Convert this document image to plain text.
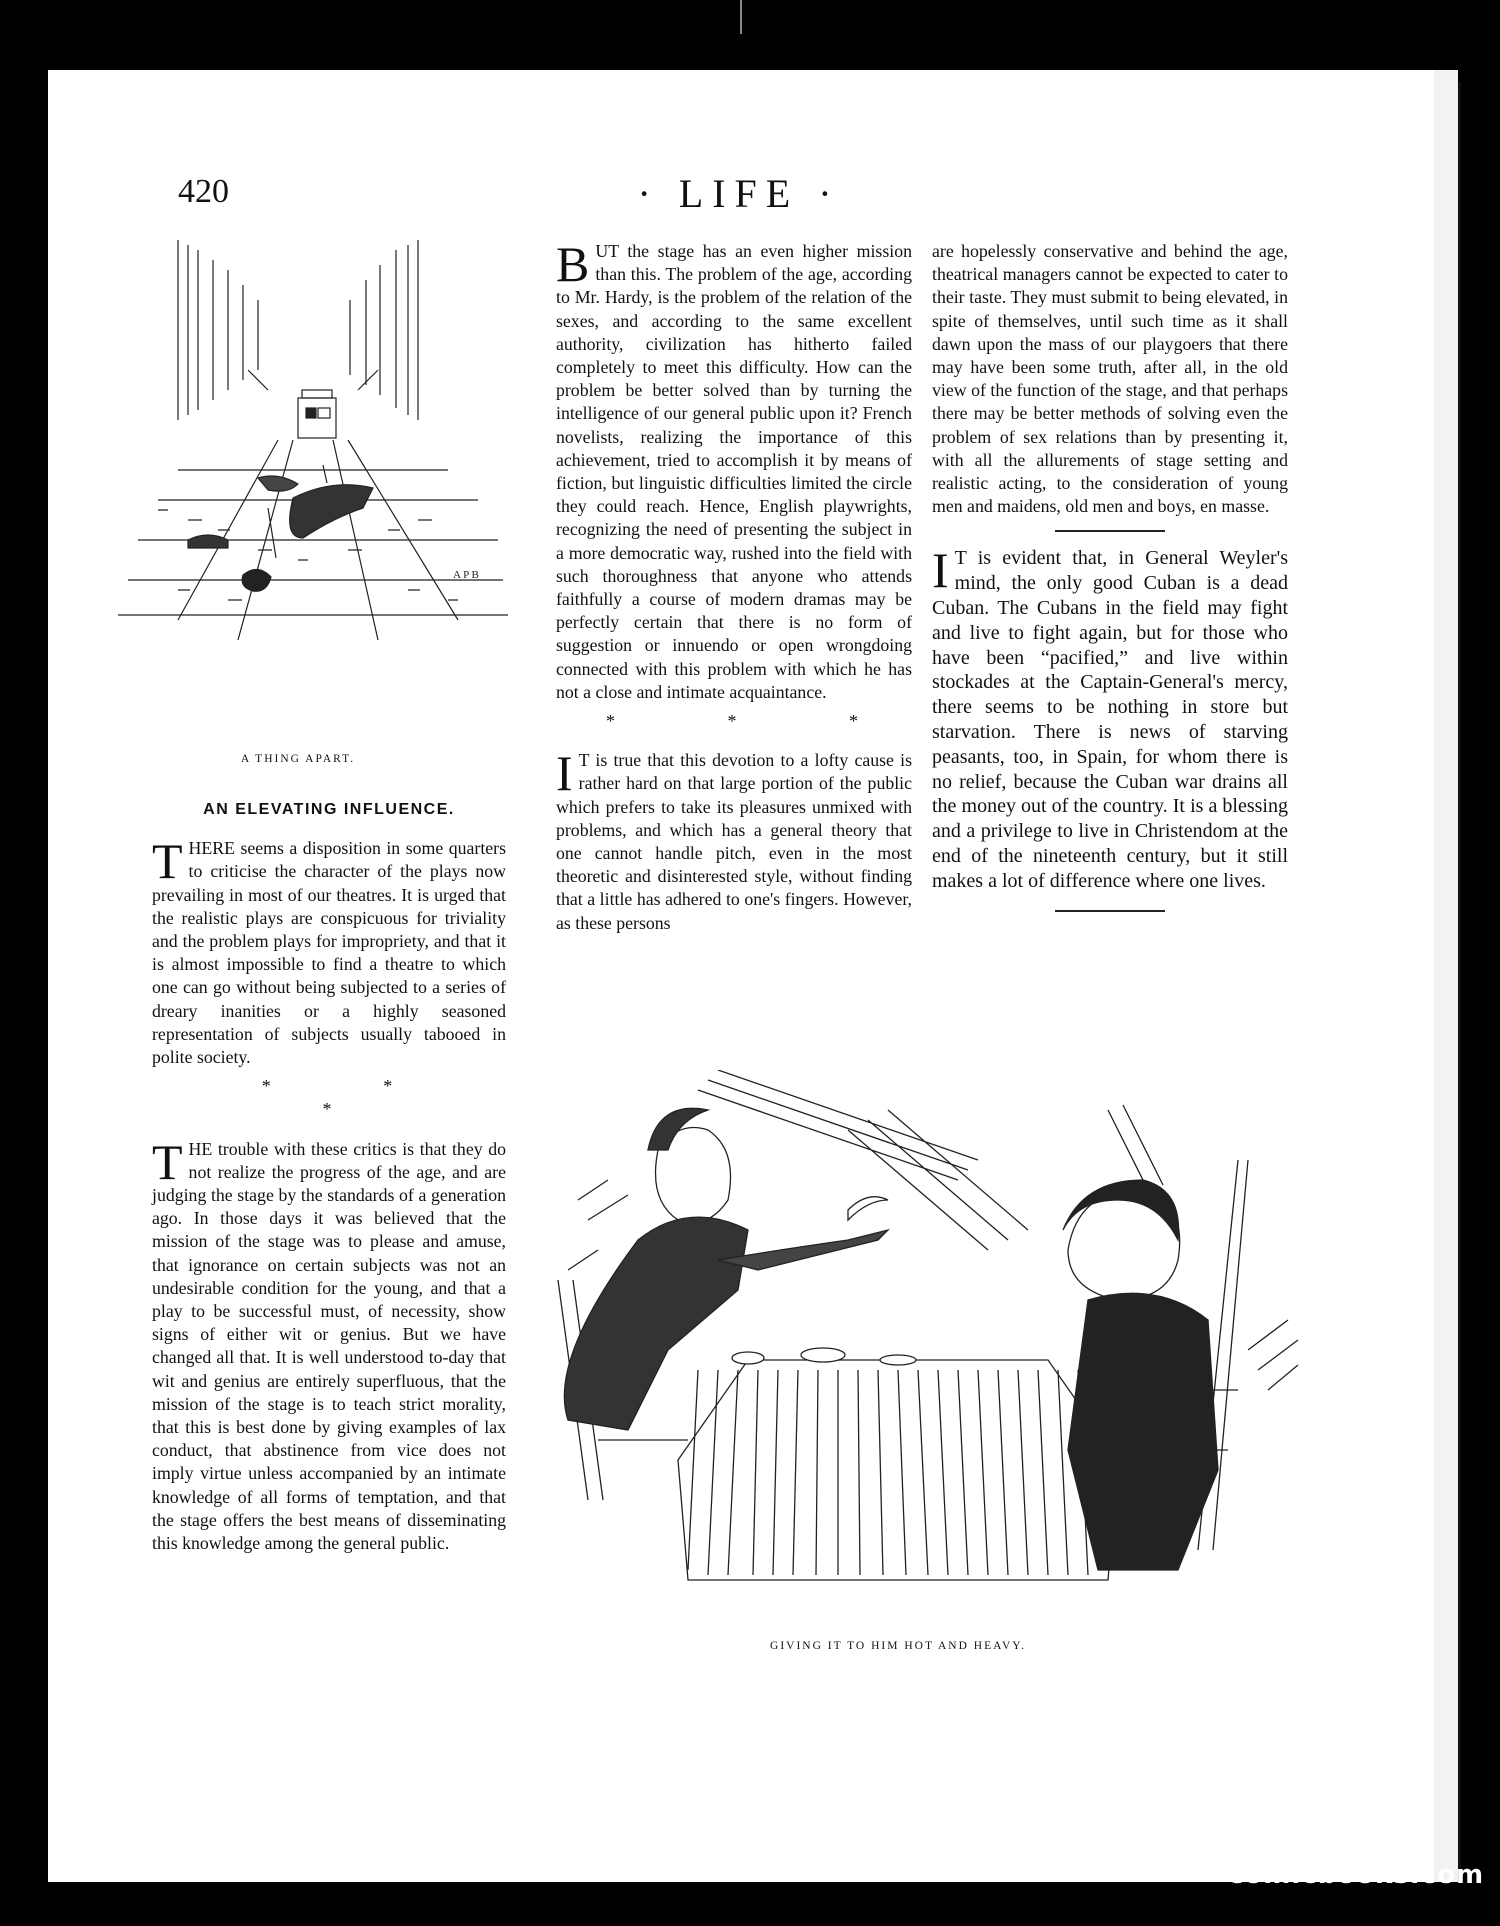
420	· LIFE ·
A P B
A THING APART.
AN ELEVATING INFLUENCE.

THERE seems a disposition in some quarters to criticise the character of the plays now prevailing in most of our theatres. It is urged that the realistic plays are conspicuous for triviality and the problem plays for impropriety, and that it is almost impossible to find a theatre to which one can go without being subjected to a series of dreary inanities or a highly seasoned representation of subjects usually tabooed in polite society.

* * *

THE trouble with these critics is that they do not realize the progress of the age, and are judging the stage by the standards of a generation ago. In those days it was believed that the mission of the stage was to please and amuse, that ignorance on certain subjects was not an undesirable condition for the young, and that a play to be successful must, of necessity, show signs of either wit or genius. But we have changed all that. It is well understood to-day that wit and genius are entirely superfluous, that the mission of the stage is to teach strict morality, that this is best done by giving examples of lax conduct, that abstinence from vice does not imply virtue unless accompanied by an intimate knowledge of all forms of temptation, and that the stage offers the best means of disseminating this knowledge among the general public.

BUT the stage has an even higher mission than this. The problem of the age, according to Mr. Hardy, is the problem of the relation of the sexes, and according to the same excellent authority, civilization has hitherto failed completely to meet this difficulty. How can the problem be better solved than by turning the intelligence of our general public upon it? French novelists, realizing the importance of this achievement, tried to accomplish it by means of fiction, but linguistic difficulties limited the circle they could reach. Hence, English playwrights, recognizing the need of presenting the subject in a more democratic way, rushed into the field with such thoroughness that anyone who attends faithfully a course of modern dramas may be perfectly certain that there is no form of suggestion or innuendo or open wrongdoing connected with this problem with which he has not a close and intimate acquaintance.

* * *

I T is true that this devotion to a lofty cause is rather hard on that large portion of the public which prefers to take its pleasures unmixed with problems, and which has a general theory that one cannot handle pitch, even in the most theoretic and disinterested style, without finding that a little has adhered to one's fingers. However, as these persons

are hopelessly conservative and behind the age, theatrical managers cannot be expected to cater to their taste. They must submit to being elevated, in spite of themselves, until such time as it shall dawn upon the mass of our playgoers that there may have been some truth, after all, in the old view of the function of the stage, and that perhaps there may be better methods of solving even the problem of sex relations than by presenting it, with all the allurements of stage setting and realistic acting, to the consideration of young men and maidens, old men and boys, en masse.

I T is evident that, in General Weyler's mind, the only good Cuban is a dead Cuban. The Cubans in the field may fight and live to fight again, but for those who have been “pacified,” and live within stockades at the Captain-General's mercy, there seems to be nothing in store but starvation. There is news of starving peasants, too, in Spain, for whom there is no relief, because the Cuban war drains all the money out of the country. It is a blessing and a privilege to live in Christendom at the end of the nineteenth century, but it still makes a lot of difference where one lives.

GIVING IT TO HIM HOT AND HEAVY.
comicbooks.com
